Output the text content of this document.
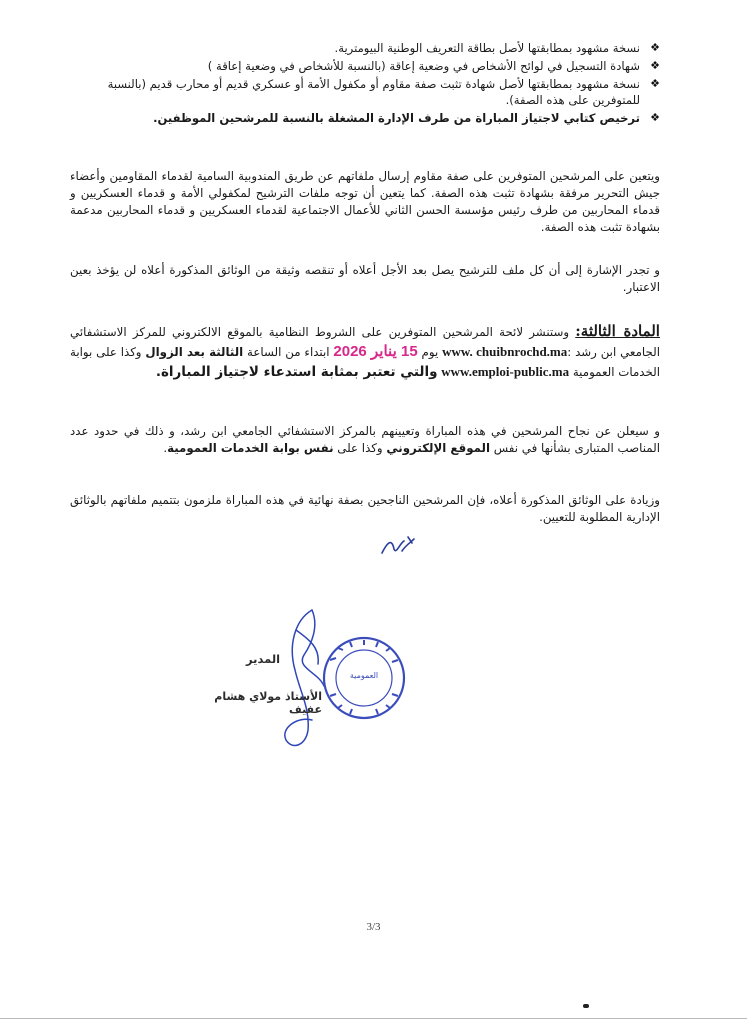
❖
نسخة مشهود بمطابقتها لأصل بطاقة التعريف الوطنية البيومترية.
❖
شهادة التسجيل في لوائح الأشخاص في وضعية إعاقة (بالنسبة للأشخاص في وضعية إعاقة )
❖
نسخة مشهود بمطابقتها لأصل شهادة تثبت صفة مقاوم أو مكفول الأمة أو عسكري قديم أو محارب قديم (بالنسبة للمتوفرين على هذه الصفة).
❖
ترخيص كتابي لاجتياز المباراة من طرف الإدارة المشغلة بالنسبة للمرشحين الموظفين.

ويتعين على المرشحين المتوفرين على صفة مقاوم إرسال ملفاتهم عن طريق المندوبية السامية لقدماء المقاومين وأعضاء جيش التحرير مرفقة بشهادة تثبت هذه الصفة. كما يتعين أن توجه ملفات الترشيح لمكفولي الأمة و قدماء العسكريين و قدماء المحاربين من طرف رئيس مؤسسة الحسن الثاني للأعمال الاجتماعية لقدماء العسكريين و قدماء المحاربين مدعمة بشهادة تثبت هذه الصفة.

و تجدر الإشارة إلى أن كل ملف للترشيح يصل بعد الأجل أعلاه أو تنقصه وثيقة من الوثائق المذكورة أعلاه لن يؤخذ بعين الاعتبار.

المادة الثالثة: وستنشر لائحة المرشحين المتوفرين على الشروط النظامية بالموقع الالكتروني للمركز الاستشفائي الجامعي ابن رشد :www. chuibnrochd.ma يوم 15 يناير 2026 ابتداء من الساعة الثالثة بعد الزوال وكذا على بوابة الخدمات العمومية www.emploi-public.ma والتي تعتبر بمثابة استدعاء لاجتياز المباراة.

و سيعلن عن نجاح المرشحين في هذه المباراة وتعيينهم بالمركز الاستشفائي الجامعي ابن رشد، و ذلك في حدود عدد المناصب المتبارى بشأنها في نفس الموقع الإلكتروني وكذا على نفس بوابة الخدمات العمومية.

وزيادة على الوثائق المذكورة أعلاه، فإن المرشحين الناجحين بصفة نهائية في هذه المباراة ملزمون بتتميم ملفاتهم بالوثائق الإدارية المطلوبة للتعيين.

العمومية
المدير
الأستاذ مولاي هشام عفيف
3/3
